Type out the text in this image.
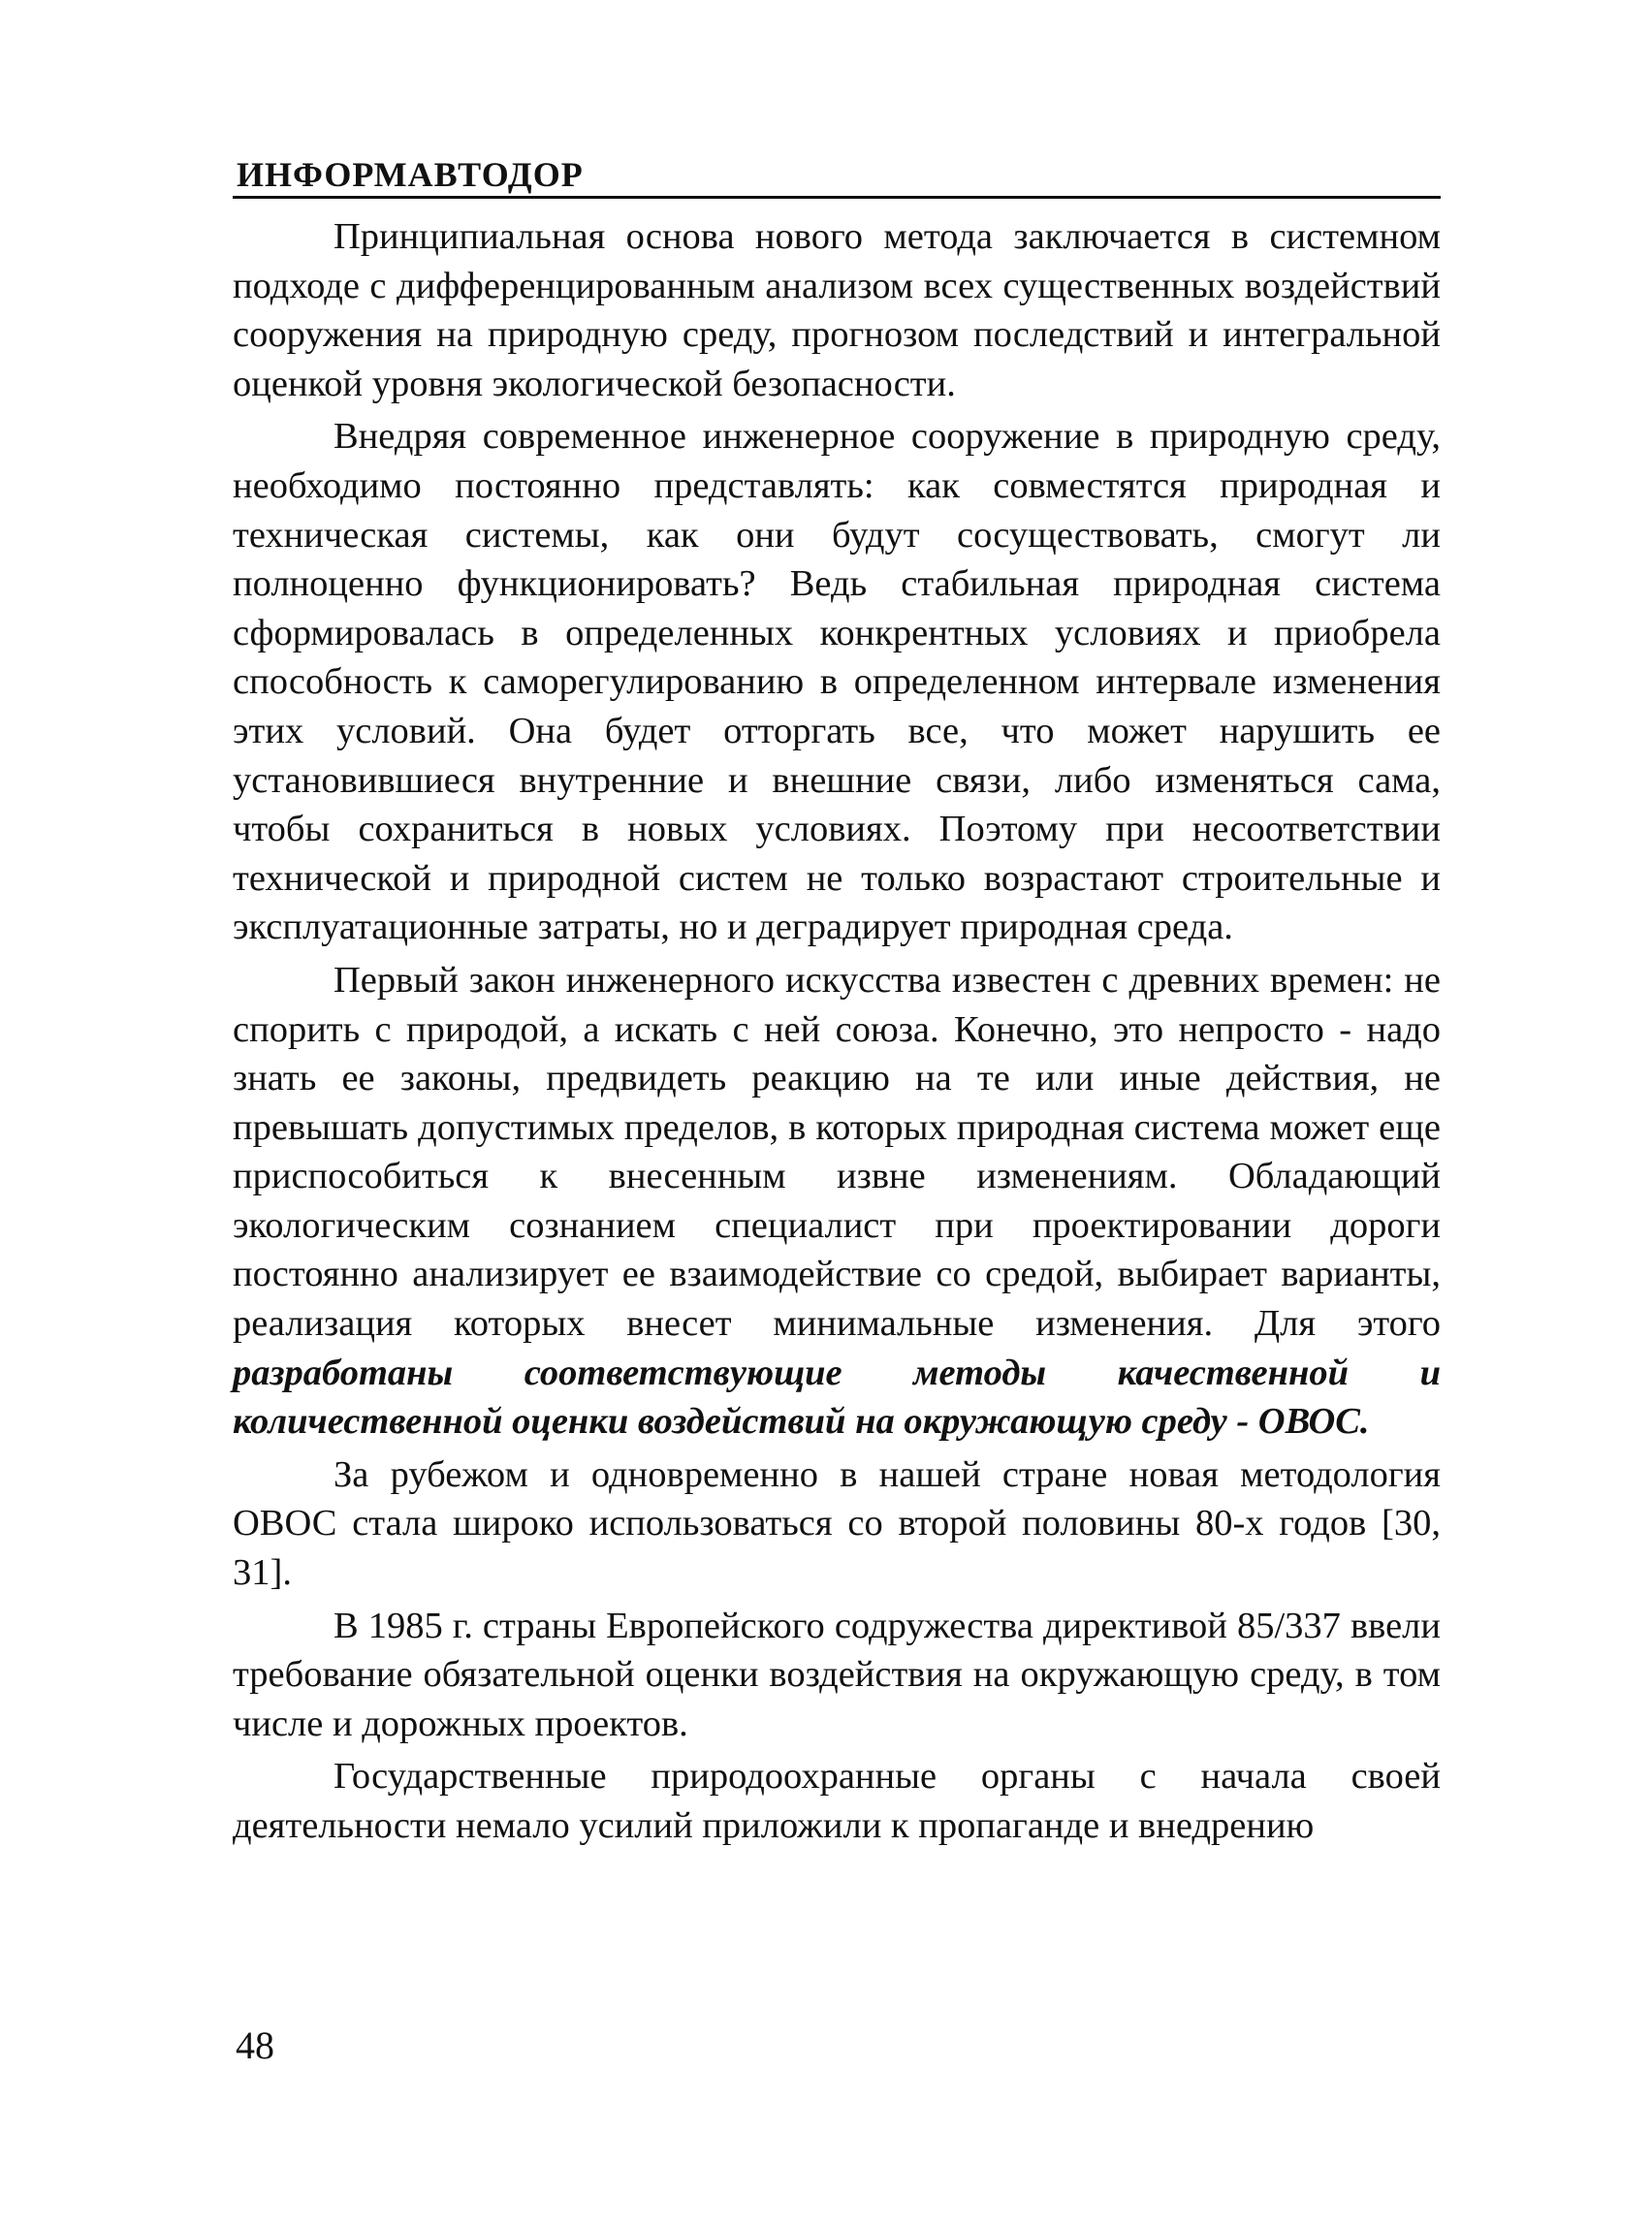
ИНФОРМАВТОДОР

Принципиальная основа нового метода заключается в системном подходе с дифференцированным анализом всех существенных воздействий сооружения на природную среду, прогнозом последствий и интегральной оценкой уровня экологической безопасности.

Внедряя современное инженерное сооружение в природную среду, необходимо постоянно представлять: как совместятся природная и техническая системы, как они будут сосуществовать, смогут ли полноценно функционировать? Ведь стабильная природная система сформировалась в определенных конкрентных условиях и приобрела способность к саморегулированию в определенном интервале изменения этих условий. Она будет отторгать все, что может нарушить ее установившиеся внутренние и внешние связи, либо изменяться сама, чтобы сохраниться в новых условиях. Поэтому при несоответствии технической и природной систем не только возрастают строительные и эксплуатационные затраты, но и деградирует природная среда.

Первый закон инженерного искусства известен с древних времен: не спорить с природой, а искать с ней союза. Конечно, это непросто - надо знать ее законы, предвидеть реакцию на те или иные действия, не превышать допустимых пределов, в которых природная система может еще приспособиться к внесенным извне изменениям. Обладающий экологическим сознанием специалист при проектировании дороги постоянно анализирует ее взаимодействие со средой, выбирает варианты, реализация которых внесет минимальные изменения. Для этого разработаны соответствующие методы качественной и количественной оценки воздействий на окружающую среду - ОВОС.

За рубежом и одновременно в нашей стране новая методология ОВОС стала широко использоваться со второй половины 80-х годов [30, 31].

В 1985 г. страны Европейского содружества директивой 85/337 ввели требование обязательной оценки воздействия на окружающую среду, в том числе и дорожных проектов.

Государственные природоохранные органы с начала своей деятельности немало усилий приложили к пропаганде и внедрению

48
